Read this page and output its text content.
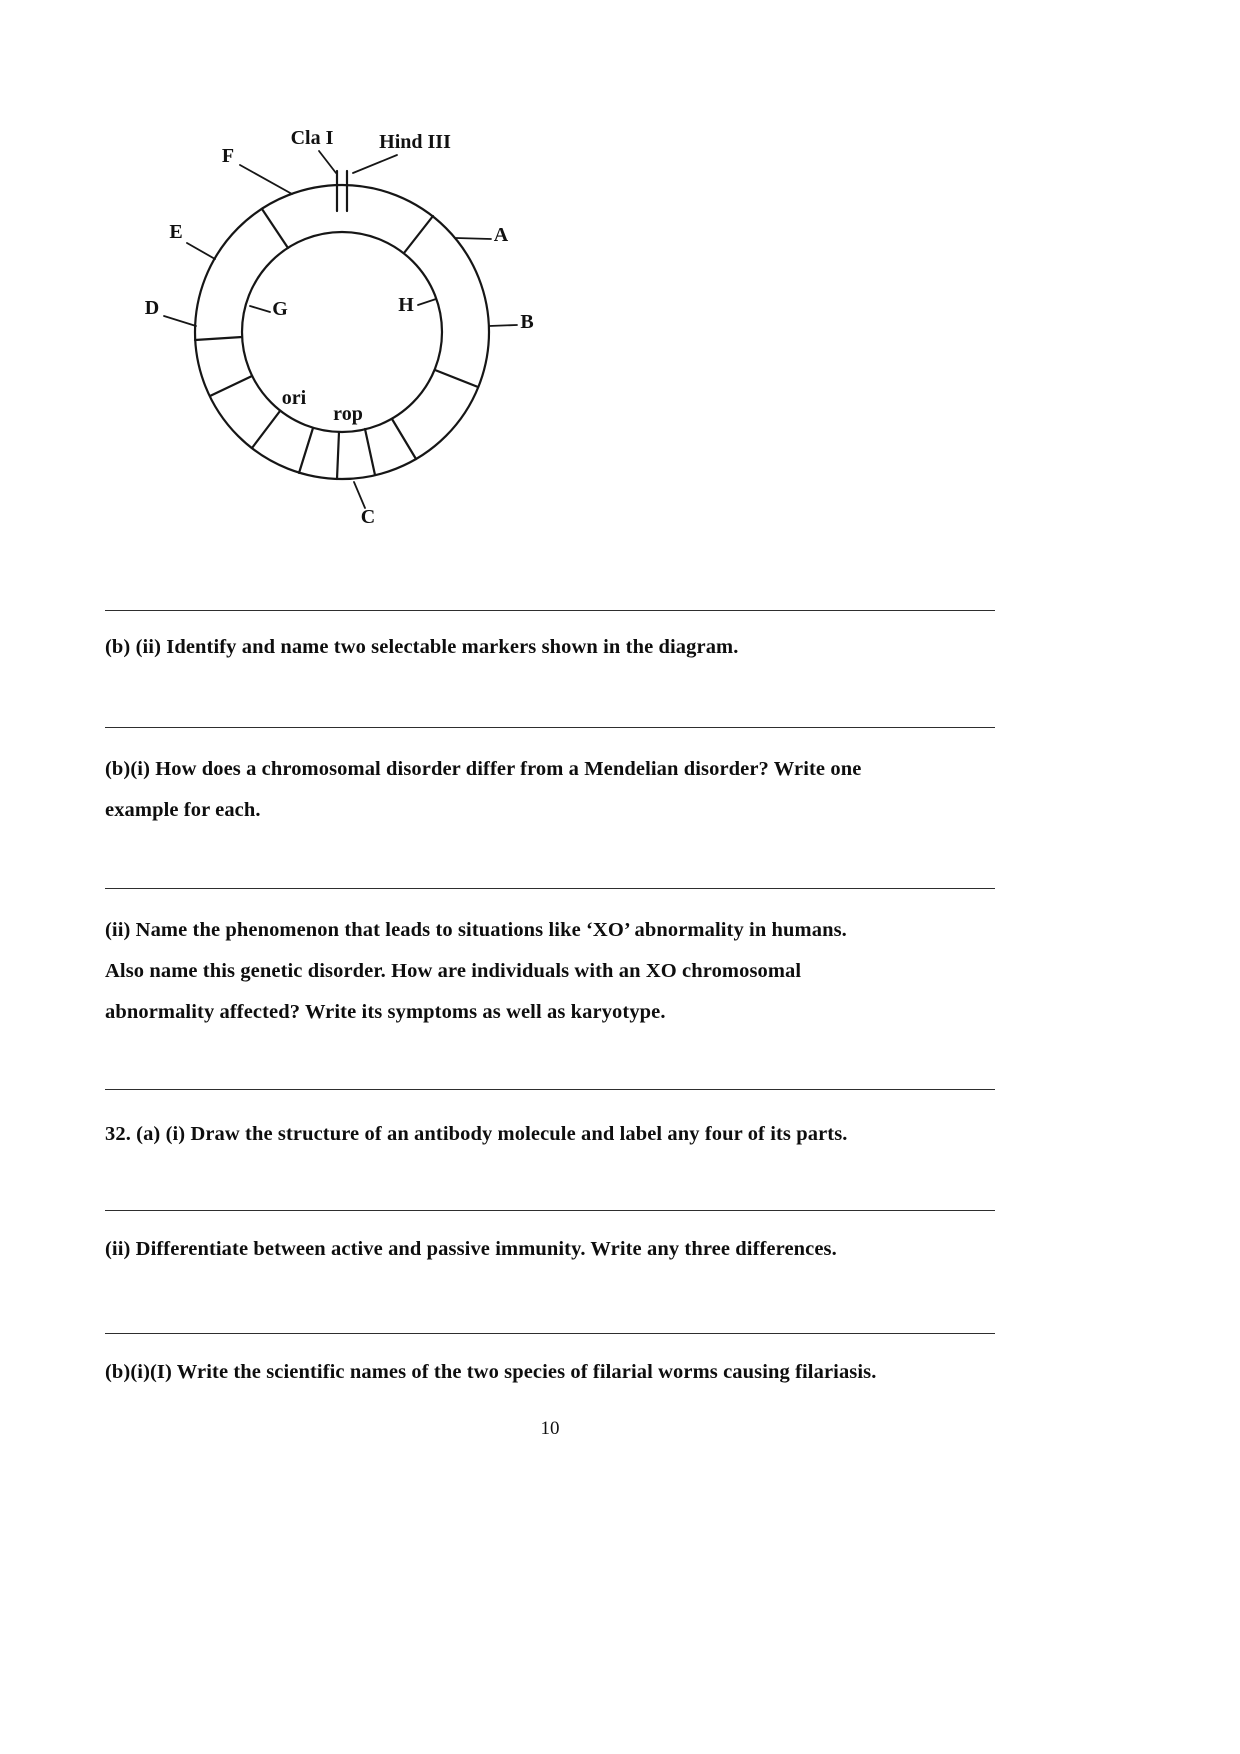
Cla I Hind III
F
E
D
A
B
G	H
ori
rop
C
(b) (ii) Identify and name two selectable markers shown in the diagram.
(b)(i) How does a chromosomal disorder differ from a Mendelian disorder? Write one
example for each.
(ii) Name the phenomenon that leads to situations like ‘XO’ abnormality in humans.
Also name this genetic disorder. How are individuals with an XO chromosomal
abnormality affected? Write its symptoms as well as karyotype.
32. (a) (i) Draw the structure of an antibody molecule and label any four of its parts.
(ii) Differentiate between active and passive immunity. Write any three differences.
(b)(i)(I) Write the scientific names of the two species of filarial worms causing filariasis.
10
